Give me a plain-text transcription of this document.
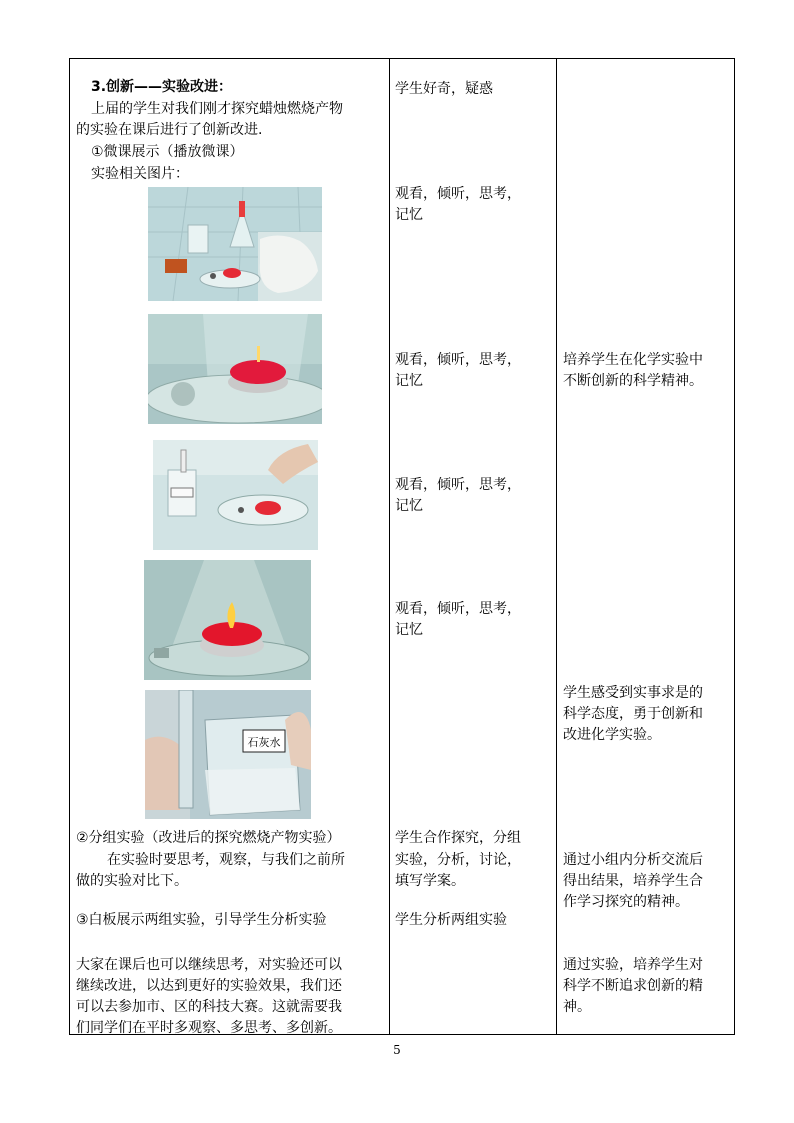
3.创新——实验改进：
上届的学生对我们刚才探究蜡烛燃烧产物
的实验在课后进行了创新改进.
①微课展示（播放微课）
实验相关图片：
石灰水
②分组实验（改进后的探究燃烧产物实验）
在实验时要思考，观察，与我们之前所
做的实验对比下。
③白板展示两组实验，引导学生分析实验
大家在课后也可以继续思考，对实验还可以
继续改进，以达到更好的实验效果，我们还
可以去参加市、区的科技大赛。这就需要我
们同学们在平时多观察、多思考、多创新。
学生好奇，疑惑
观看，倾听，思考，
记忆
观看，倾听，思考，
记忆
观看，倾听，思考，
记忆
观看，倾听，思考，
记忆
学生合作探究，分组
实验，分析，讨论，
填写学案。
学生分析两组实验
培养学生在化学实验中
不断创新的科学精神。
学生感受到实事求是的
科学态度，勇于创新和
改进化学实验。
通过小组内分析交流后
得出结果，培养学生合
作学习探究的精神。
通过实验，培养学生对
科学不断追求创新的精
神。
5
